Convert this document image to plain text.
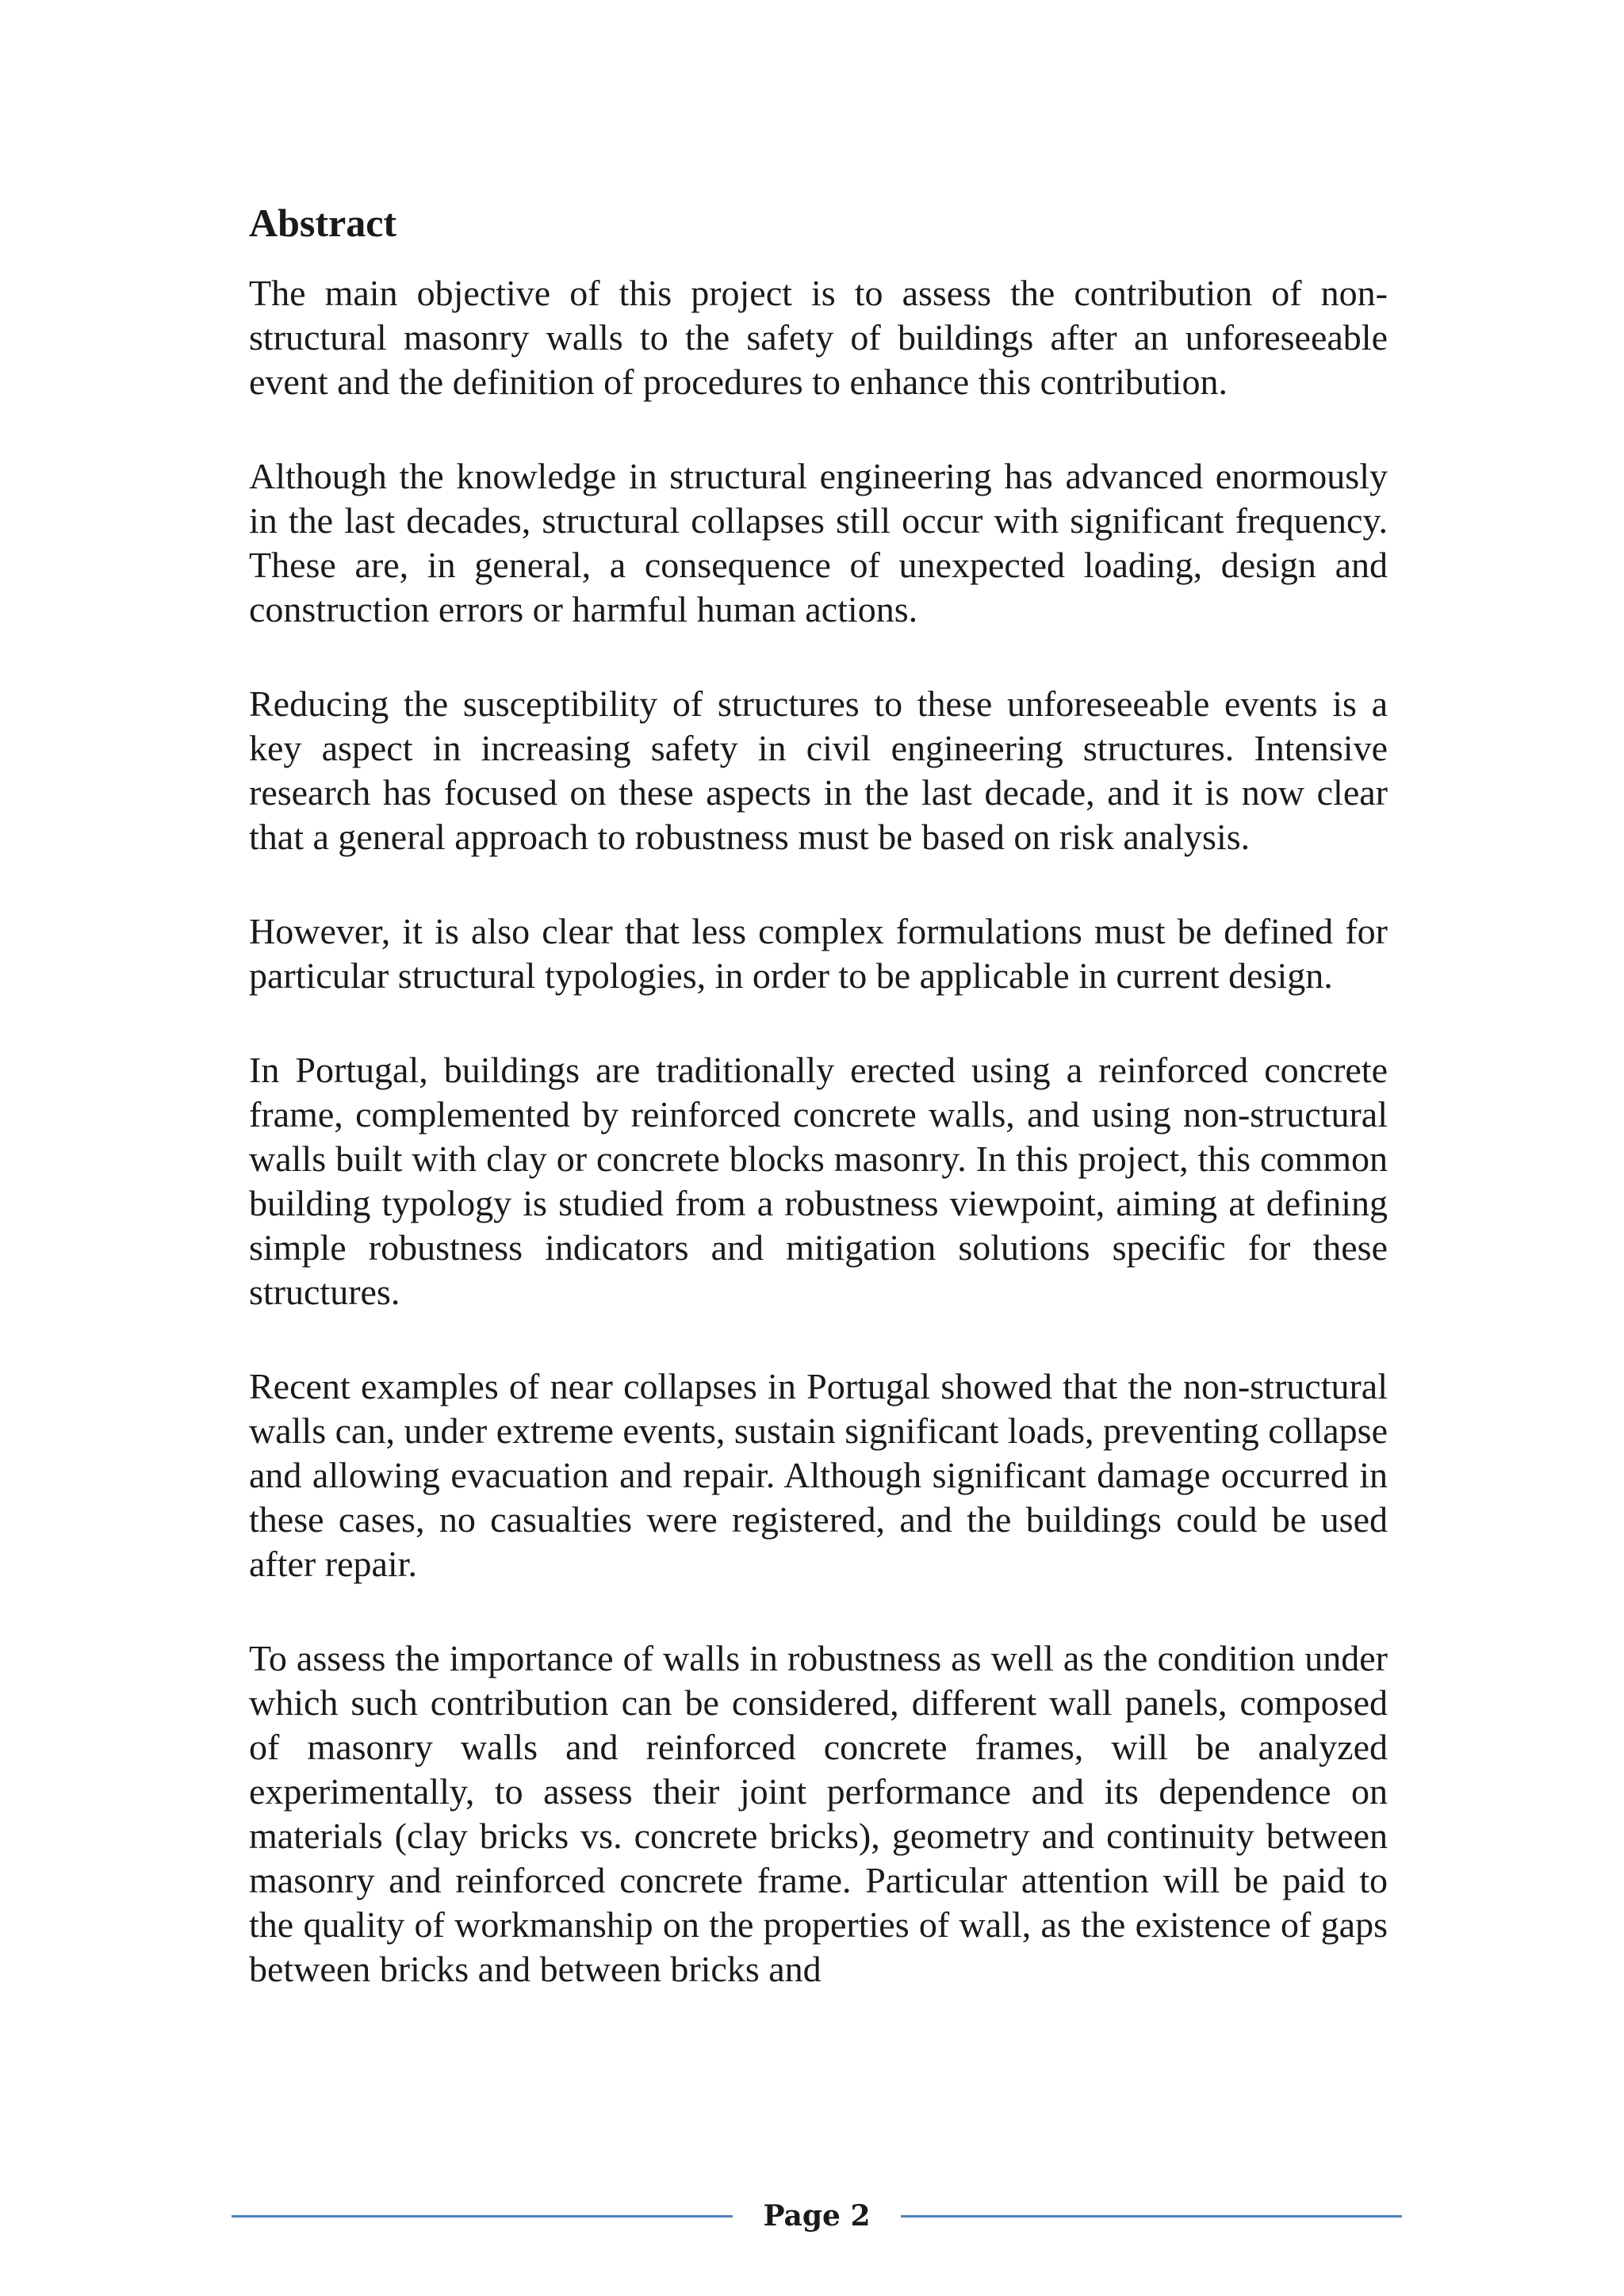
Abstract

The main objective of this project is to assess the contribution of non-structural masonry walls to the safety of buildings after an unforeseeable event and the definition of procedures to enhance this contribution.

Although the knowledge in structural engineering has advanced enormously in the last decades, structural collapses still occur with significant frequency. These are, in general, a consequence of unexpected loading, design and construction errors or harmful human actions.

Reducing the susceptibility of structures to these unforeseeable events is a key aspect in increasing safety in civil engineering structures. Intensive research has focused on these aspects in the last decade, and it is now clear that a general approach to robustness must be based on risk analysis.

However, it is also clear that less complex formulations must be defined for particular structural typologies, in order to be applicable in current design.

In Portugal, buildings are traditionally erected using a reinforced concrete frame, complemented by reinforced concrete walls, and using non-structural walls built with clay or concrete blocks masonry. In this project, this common building typology is studied from a robustness viewpoint, aiming at defining simple robustness indicators and mitigation solutions specific for these structures.

Recent examples of near collapses in Portugal showed that the non-structural walls can, under extreme events, sustain significant loads, preventing collapse and allowing evacuation and repair. Although significant damage occurred in these cases, no casualties were registered, and the buildings could be used after repair.

To assess the importance of walls in robustness as well as the condition under which such contribution can be considered, different wall panels, composed of masonry walls and reinforced concrete frames, will be analyzed experimentally, to assess their joint performance and its dependence on materials (clay bricks vs. concrete bricks), geometry and continuity between masonry and reinforced concrete frame. Particular attention will be paid to the quality of workmanship on the properties of wall, as the existence of gaps between bricks and between bricks and

Page 2
